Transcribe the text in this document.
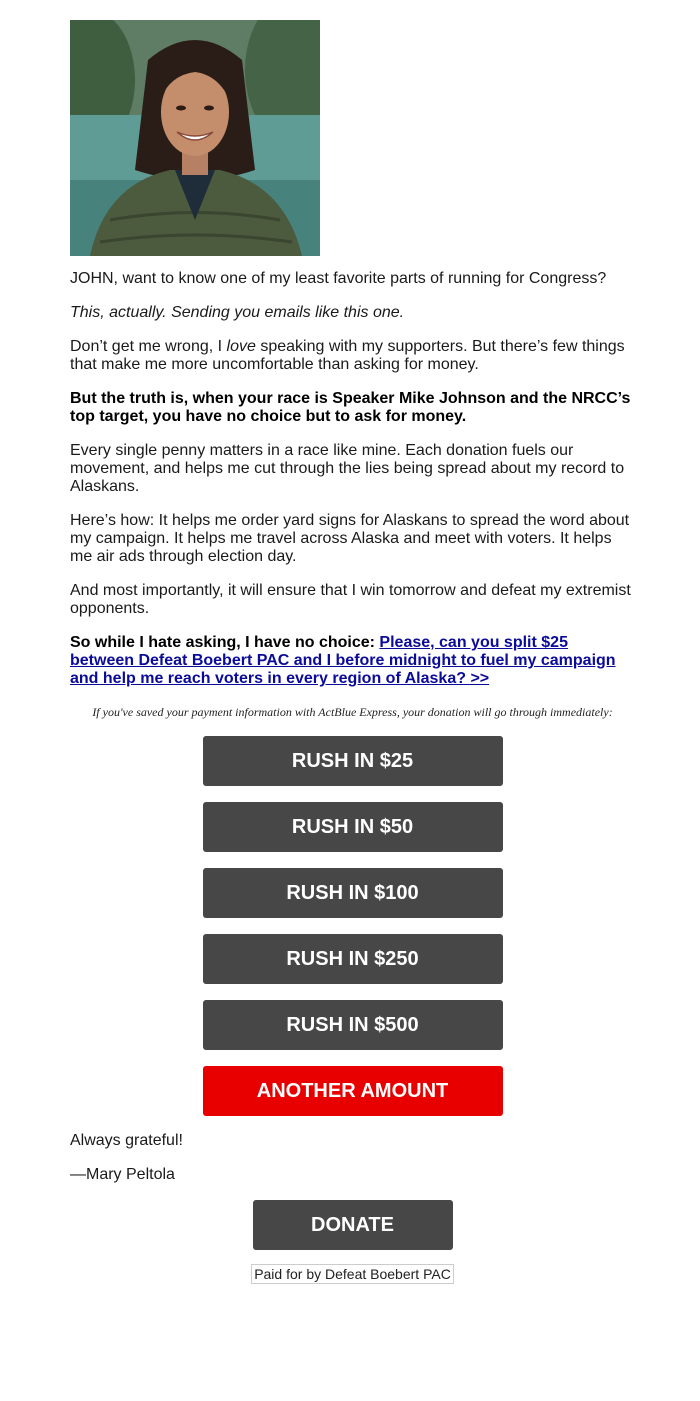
JOHN, want to know one of my least favorite parts of running for Congress?

This, actually. Sending you emails like this one.

Don’t get me wrong, I love speaking with my supporters. But there’s few things that make me more uncomfortable than asking for money.

But the truth is, when your race is Speaker Mike Johnson and the NRCC’s top target, you have no choice but to ask for money.

Every single penny matters in a race like mine. Each donation fuels our movement, and helps me cut through the lies being spread about my record to Alaskans.

Here’s how: It helps me order yard signs for Alaskans to spread the word about my campaign. It helps me travel across Alaska and meet with voters. It helps me air ads through election day.

And most importantly, it will ensure that I win tomorrow and defeat my extremist opponents.

So while I hate asking, I have no choice: Please, can you split $25 between Defeat Boebert PAC and I before midnight to fuel my campaign and help me reach voters in every region of Alaska? >>

If you've saved your payment information with ActBlue Express, your donation will go through immediately:

RUSH IN $25
RUSH IN $50
RUSH IN $100
RUSH IN $250
RUSH IN $500
ANOTHER AMOUNT

Always grateful!

—Mary Peltola

DONATE
Paid for by Defeat Boebert PAC
